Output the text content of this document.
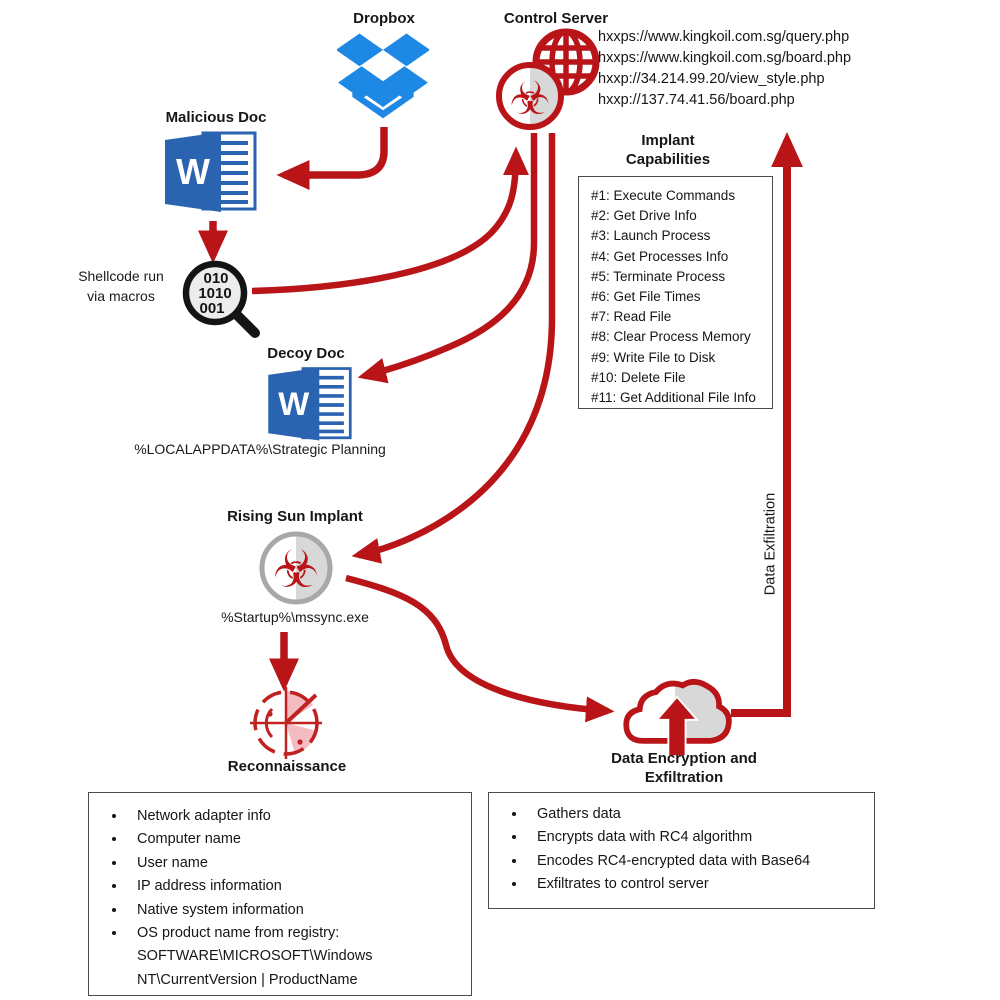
Dropbox	Control Server
☣
hxxps://www.kingkoil.com.sg/query.php
hxxps://www.kingkoil.com.sg/board.php
hxxp://34.214.99.20/view_style.php
hxxp://137.74.41.56/board.php
Malicious Doc
W
Shellcode run
via macros
010
1010
001
Decoy Doc
W
%LOCALAPPDATA%\Strategic Planning
Implant
Capabilities
#1: Execute Commands
#2: Get Drive Info
#3: Launch Process
#4: Get Processes Info
#5: Terminate Process
#6: Get File Times
#7: Read File
#8: Clear Process Memory
#9: Write File to Disk
#10: Delete File
#11: Get Additional File Info
Rising Sun Implant
☣
%Startup%\mssync.exe
Reconnaissance
• Network adapter info
• Computer name
• User name
• IP address information
• Native system information
• OS product name from registry: SOFTWARE\MICROSOFT\Windows NT\CurrentVersion | ProductName
Data Encryption and
Exfiltration
• Gathers data
• Encrypts data with RC4 algorithm
• Encodes RC4-encrypted data with Base64
• Exfiltrates to control server
Data Exfiltration
